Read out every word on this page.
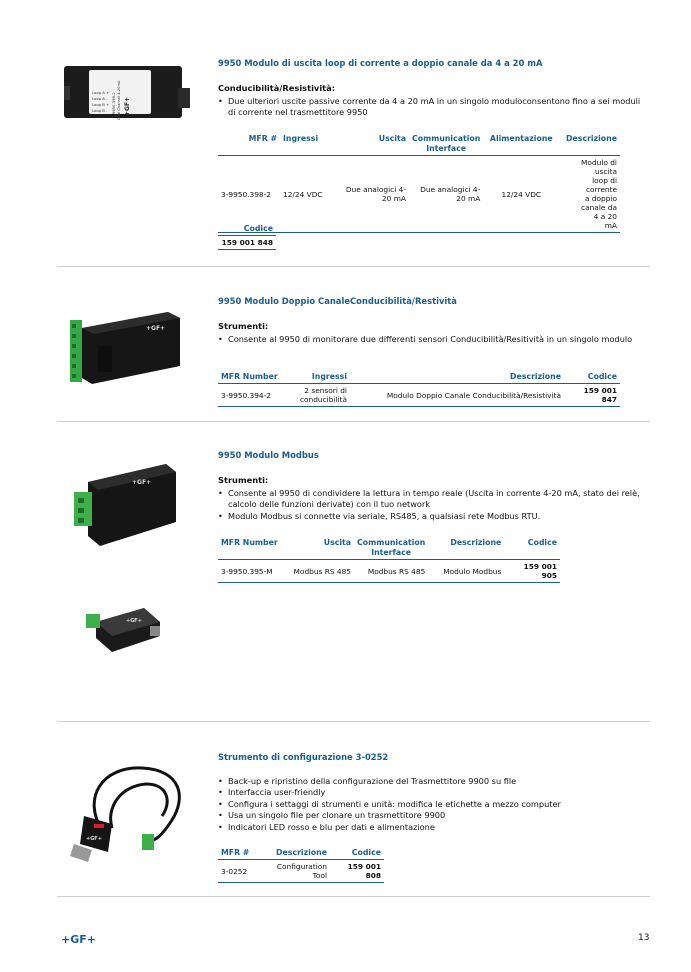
Loop A +
Loop A -
Loop B +
Loop B - 3-9950.398-2 Dual Channel 4-20mA +GF+
9950 Modulo di uscita loop di corrente a doppio canale da 4 a 20 mA
Conducibilità/Resistività:
• Due ulteriori uscite passive corrente da 4 a 20 mA in un singolo moduloconsentono fino a sei moduli di corrente nel trasmettitore 9950
MFR #	Ingressi	Uscita	Communication Interface	Alimentazione	Descrizione
3-9950.398-2	12/24 VDC	Due analogici 4-20 mA	Due analogici 4-20 mA	12/24 VDC	Modulo di uscita loop di corrente a doppio canale da 4 a 20 mA
Codice
159 001 848
+GF+
9950 Modulo Doppio CanaleConducibilità/Restività
Strumenti:
• Consente al 9950 di monitorare due differenti sensori Conducibilità/Resitività in un singolo modulo
MFR Number	Ingressi	Descrizione	Codice
3-9950.394-2	2 sensori di conducibilità	Modulo Doppio Canale Conducibilità/Resistività	159 001 847
+GF+
+GF+
9950 Modulo Modbus
Strumenti:
• Consente al 9950 di condividere la lettura in tempo reale (Uscita in corrente 4-20 mA, stato dei relè, calcolo delle funzioni derivate) con il tuo network
• Modulo Modbus si connette via seriale, RS485, a qualsiasi rete Modbus RTU.
MFR Number	Uscita	Communication Interface	Descrizione	Codice
3-9950.395-M	Modbus RS 485	Modbus RS 485	Modulo Modbus	159 001 905
+GF+
Strumento di configurazione 3-0252
• Back-up e ripristino della configurazione del Trasmettitore 9900 su file
• Interfaccia user-friendly
• Configura i settaggi di strumenti e unità: modifica le etichette a mezzo computer
• Usa un singolo file per clonare un trasmettitore 9900
• Indicatori LED rosso e blu per dati e alimentazione
MFR #	Descrizione	Codice
3-0252	Configuration Tool	159 001 808
+GF+	13
